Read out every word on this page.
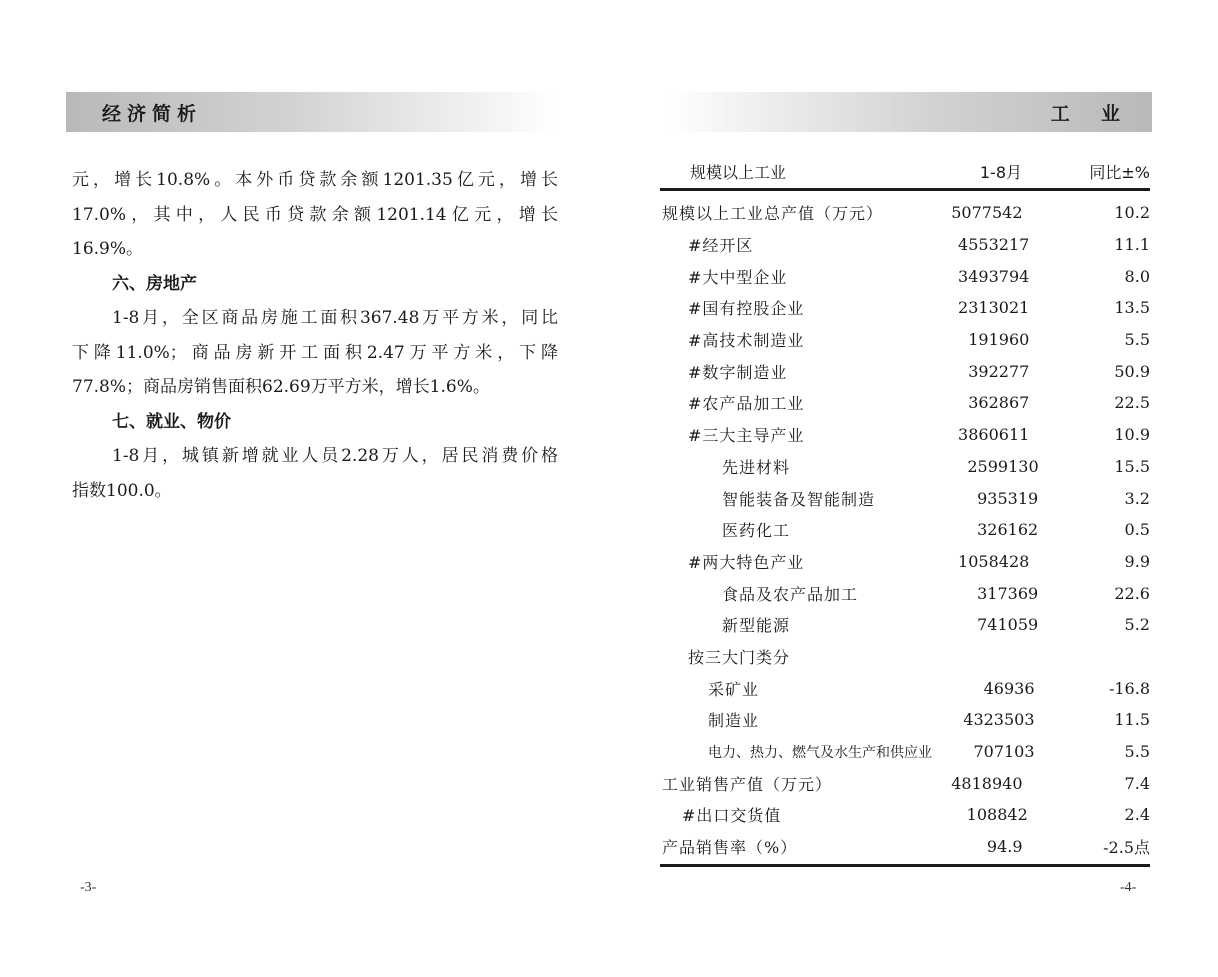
经济简析

元，增长10.8%。本外币贷款余额1201.35亿元，增长
17.0%，其中，人民币贷款余额1201.14亿元，增长
16.9%。

六、房地产

1-8月，全区商品房施工面积367.48万平方米，同比
下降11.0%；商品房新开工面积2.47万平方米，下降
77.8%；商品房销售面积62.69万平方米，增长1.6%。

七、就业、物价

1-8月，城镇新增就业人员2.28万人，居民消费价格
指数100.0。

-3-
工  业
规模以上工业	1-8月	同比±%
规模以上工业总产值（万元）	5077542	10.2
#经开区	4553217	11.1
#大中型企业	3493794	8.0
#国有控股企业	2313021	13.5
#高技术制造业	191960	5.5
#数字制造业	392277	50.9
#农产品加工业	362867	22.5
#三大主导产业	3860611	10.9
先进材料	2599130	15.5
智能装备及智能制造	935319	3.2
医药化工	326162	0.5
#两大特色产业	1058428	9.9
食品及农产品加工	317369	22.6
新型能源	741059	5.2
按三大门类分
采矿业	46936	-16.8
制造业	4323503	11.5
电力、热力、燃气及水生产和供应业	707103	5.5
工业销售产值（万元）	4818940	7.4
#出口交货值	108842	2.4
产品销售率（%）	94.9	-2.5点
-4-
